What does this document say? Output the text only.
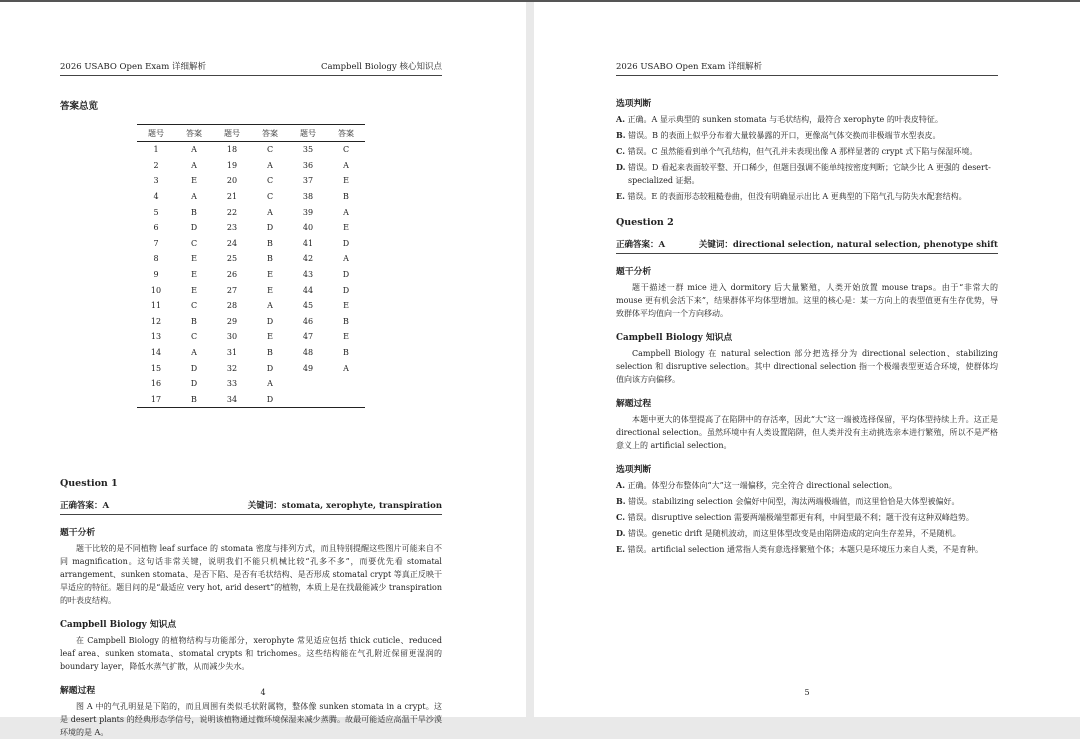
2026 USABO Open Exam 详细解析	Campbell Biology 核心知识点
答案总览
题号	答案	题号	答案	题号	答案
1	A	18	C	35	C
2	A	19	A	36	A
3	E	20	C	37	E
4	A	21	C	38	B
5	B	22	A	39	A
6	D	23	D	40	E
7	C	24	B	41	D
8	E	25	B	42	A
9	E	26	E	43	D
10	E	27	E	44	D
11	C	28	A	45	E
12	B	29	D	46	B
13	C	30	E	47	E
14	A	31	B	48	B
15	D	32	D	49	A
16	D	33	A		
17	B	34	D		
Question 1
正确答案：A	关键词：stomata, xerophyte, transpiration
题干分析

题干比较的是不同植物 leaf surface 的 stomata 密度与排列方式，而且特别提醒这些图片可能来自不同 magnification。这句话非常关键，说明我们不能只机械比较“孔多不多”，而要优先看 stomatal arrangement、sunken stomata、是否下陷、是否有毛状结构、是否形成 stomatal crypt 等真正反映干旱适应的特征。题目问的是“最适应 very hot, arid desert”的植物，本质上是在找最能减少 transpiration 的叶表皮结构。

Campbell Biology 知识点

在 Campbell Biology 的植物结构与功能部分，xerophyte 常见适应包括 thick cuticle、reduced leaf area、sunken stomata、stomatal crypts 和 trichomes。这些结构能在气孔附近保留更湿润的 boundary layer，降低水蒸气扩散，从而减少失水。

解题过程

图 A 中的气孔明显是下陷的，而且周围有类似毛状附属物，整体像 sunken stomata in a crypt。这是 desert plants 的经典形态学信号，说明该植物通过微环境保湿来减少蒸腾。故最可能适应高温干旱沙漠环境的是 A。

4
2026 USABO Open Exam 详细解析
选项判断

A. 正确。A 显示典型的 sunken stomata 与毛状结构，最符合 xerophyte 的叶表皮特征。

B. 错误。B 的表面上似乎分布着大量较暴露的开口，更像高气体交换而非极端节水型表皮。

C. 错误。C 虽然能看到单个气孔结构，但气孔并未表现出像 A 那样显著的 crypt 式下陷与保湿环境。

D. 错误。D 看起来表面较平整、开口稀少，但题目强调不能单纯按密度判断；它缺少比 A 更强的 desert-specialized 证据。

E. 错误。E 的表面形态较粗糙卷曲，但没有明确显示出比 A 更典型的下陷气孔与防失水配套结构。

Question 2
正确答案：A	关键词：directional selection, natural selection, phenotype shift
题干分析

题干描述一群 mice 进入 dormitory 后大量繁殖，人类开始放置 mouse traps。由于“非常大的 mouse 更有机会活下来”，结果群体平均体型增加。这里的核心是：某一方向上的表型值更有生存优势，导致群体平均值向一个方向移动。

Campbell Biology 知识点

Campbell Biology 在 natural selection 部分把选择分为 directional selection、stabilizing selection 和 disruptive selection。其中 directional selection 指一个极端表型更适合环境，使群体均值向该方向偏移。

解题过程

本题中更大的体型提高了在陷阱中的存活率，因此“大”这一端被选择保留，平均体型持续上升。这正是 directional selection。虽然环境中有人类设置陷阱，但人类并没有主动挑选亲本进行繁殖，所以不是严格意义上的 artificial selection。

选项判断

A. 正确。体型分布整体向“大”这一端偏移，完全符合 directional selection。

B. 错误。stabilizing selection 会偏好中间型，淘汰两端极端值，而这里恰恰是大体型被偏好。

C. 错误。disruptive selection 需要两端极端型都更有利，中间型最不利；题干没有这种双峰趋势。

D. 错误。genetic drift 是随机波动，而这里体型改变是由陷阱造成的定向生存差异，不是随机。

E. 错误。artificial selection 通常指人类有意选择繁殖个体；本题只是环境压力来自人类，不是育种。

5
